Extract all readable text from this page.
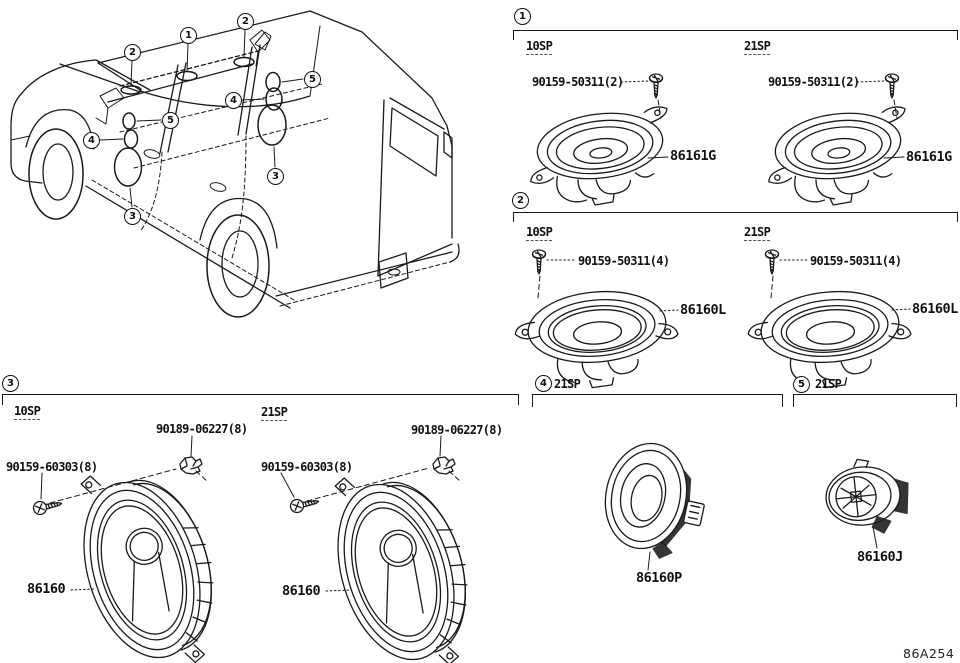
2
1
2
5
4
3
5
4
3
1
2
3	4	5
10SP	21SP
10SP	21SP
10SP	21SP
21SP	21SP
90159-50311(2)	90159-50311(2)
86161G	86161G
90159-50311(4)	90159-50311(4)
86160L	86160L
90189-06227(8)	90189-06227(8)
90159-60303(8)	90159-60303(8)
86160	86160
86160P
86160J
86A254
